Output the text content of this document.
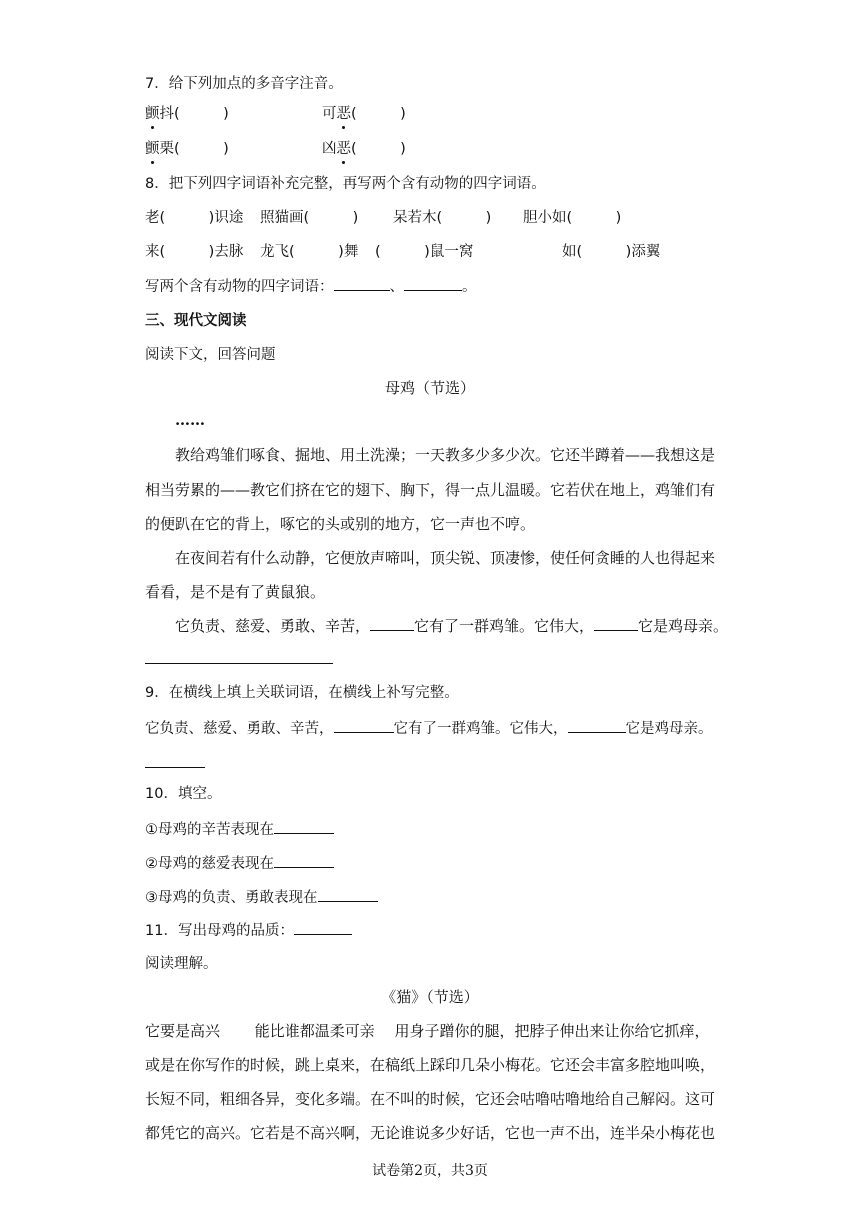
7．给下列加点的多音字注音。
颤抖(　　　)	可恶(　　　)
颤栗(　　　)	凶恶(　　　)
8．把下列四字词语补充完整，再写两个含有动物的四字词语。
老(　　　)识途 照猫画(　　　) 呆若木(　　　) 胆小如(　　　)
来(　　　)去脉 龙飞(　　　)舞 (　　　)鼠一窝	如(　　　)添翼
写两个含有动物的四字词语：	、	。
三、现代文阅读
阅读下文，回答问题
母鸡（节选）
……
教给鸡雏们啄食、掘地、用土洗澡；一天教多少多少次。它还半蹲着——我想这是
相当劳累的——教它们挤在它的翅下、胸下，得一点儿温暖。它若伏在地上，鸡雏们有
的便趴在它的背上，啄它的头或别的地方，它一声也不哼。
在夜间若有什么动静，它便放声啼叫，顶尖锐、顶凄惨，使任何贪睡的人也得起来
看看，是不是有了黄鼠狼。
它负责、慈爱、勇敢、辛苦，	它有了一群鸡雏。它伟大，	它是鸡母亲。
9．在横线上填上关联词语，在横线上补写完整。
它负责、慈爱、勇敢、辛苦，	它有了一群鸡雏。它伟大，	它是鸡母亲。
10．填空。
①母鸡的辛苦表现在
②母鸡的慈爱表现在
③母鸡的负责、勇敢表现在
11．写出母鸡的品质：
阅读理解。
《猫》（节选）
它要是高兴　　 能比谁都温柔可亲　 用身子蹭你的腿，把脖子伸出来让你给它抓痒，
或是在你写作的时候，跳上桌来，在稿纸上踩印几朵小梅花。它还会丰富多腔地叫唤，
长短不同，粗细各异，变化多端。在不叫的时候，它还会咕噜咕噜地给自己解闷。这可
都凭它的高兴。它若是不高兴啊，无论谁说多少好话，它也一声不出，连半朵小梅花也
试卷第2页，共3页
